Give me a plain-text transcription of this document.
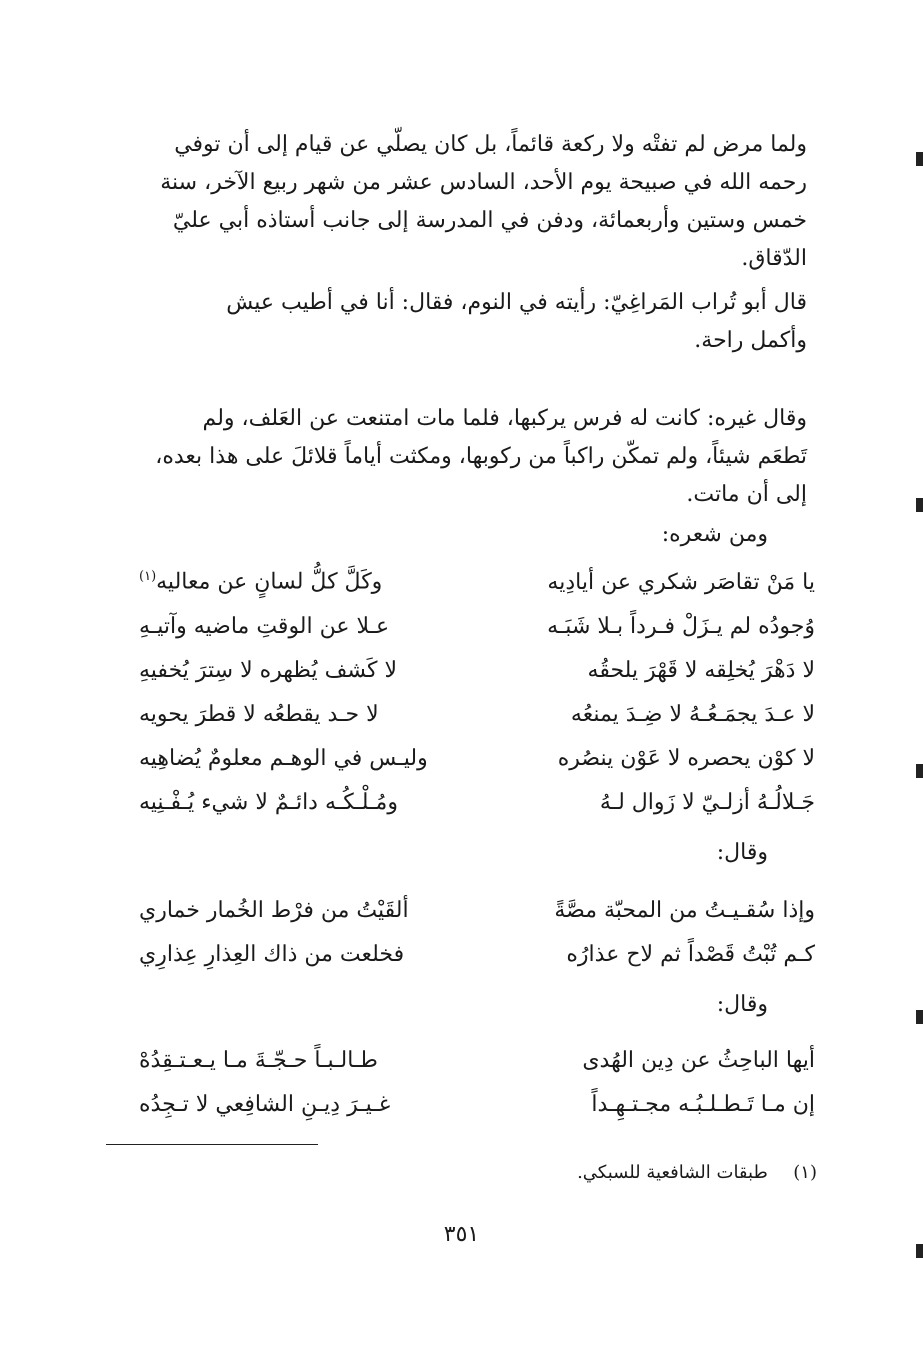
ولما مرض لم تفتْه ولا ركعة قائماً، بل كان يصلّي عن قيام إلى أن توفي
رحمه الله في صبيحة يوم الأحد، السادس عشر من شهر ربيع الآخر، سنة
خمس وستين وأربعمائة، ودفن في المدرسة إلى جانب أستاذه أبي عليّ
الدّقاق.
قال أبو تُراب المَراغِيّ: رأيته في النوم، فقال: أنا في أطيب عيش
وأكمل راحة.
وقال غيره: كانت له فرس يركبها، فلما مات امتنعت عن العَلف، ولم
تَطعَم شيئاً، ولم تمكّن راكباً من ركوبها، ومكثت أياماً قلائلَ على هذا بعده،
إلى أن ماتت.
ومن شعره:
يا مَنْ تقاصَر شكري عن أيادِيه
وكَلَّ كلُّ لسانٍ عن معاليه$^{(١)}$
وُجودُه لم يـزَلْ فـرداً بـلا شَبَـه
عـلا عن الوقتِ ماضيه وآتيـهِ
لا دَهْرَ يُخلِقه لا قَهْرَ يلحقُه
لا كَشف يُظهره لا سِترَ يُخفيهِ
لا عـدَ يجمَـعُـهُ لا ضِـدَ يمنعُه
لا حـد يقطعُه لا قطرَ يحويه
لا كوْن يحصره لا عَوْن ينصُره
وليـس في الوهـم معلومٌ يُضاهِيه
جَـلالُـهُ أزلـيّ لا زَوال لـهُ
ومُـلْـكُـه دائـمٌ لا شيء يُـفْـنِيه
وقال:
وإذا سُقـيـتُ من المحبّة مصَّةً
ألقَيْتُ من فرْط الخُمار خماري
كـم تُبْتُ قَصْداً ثم لاح عذارُه
فخلعت من ذاك العِذارِ عِذارِي
وقال:
أيها الباحِثُ عن دِين الهُدى
طـالـبـاً حـجّـةَ مـا يـعـتـقِدُهْ
إن مـا تَـطـلـبُـه مجـتـهِـداً
غـيـرَ دِيـنِ الشافِعي لا تـجِدُه
(١)  طبقات الشافعية للسبكي.
٣٥١
